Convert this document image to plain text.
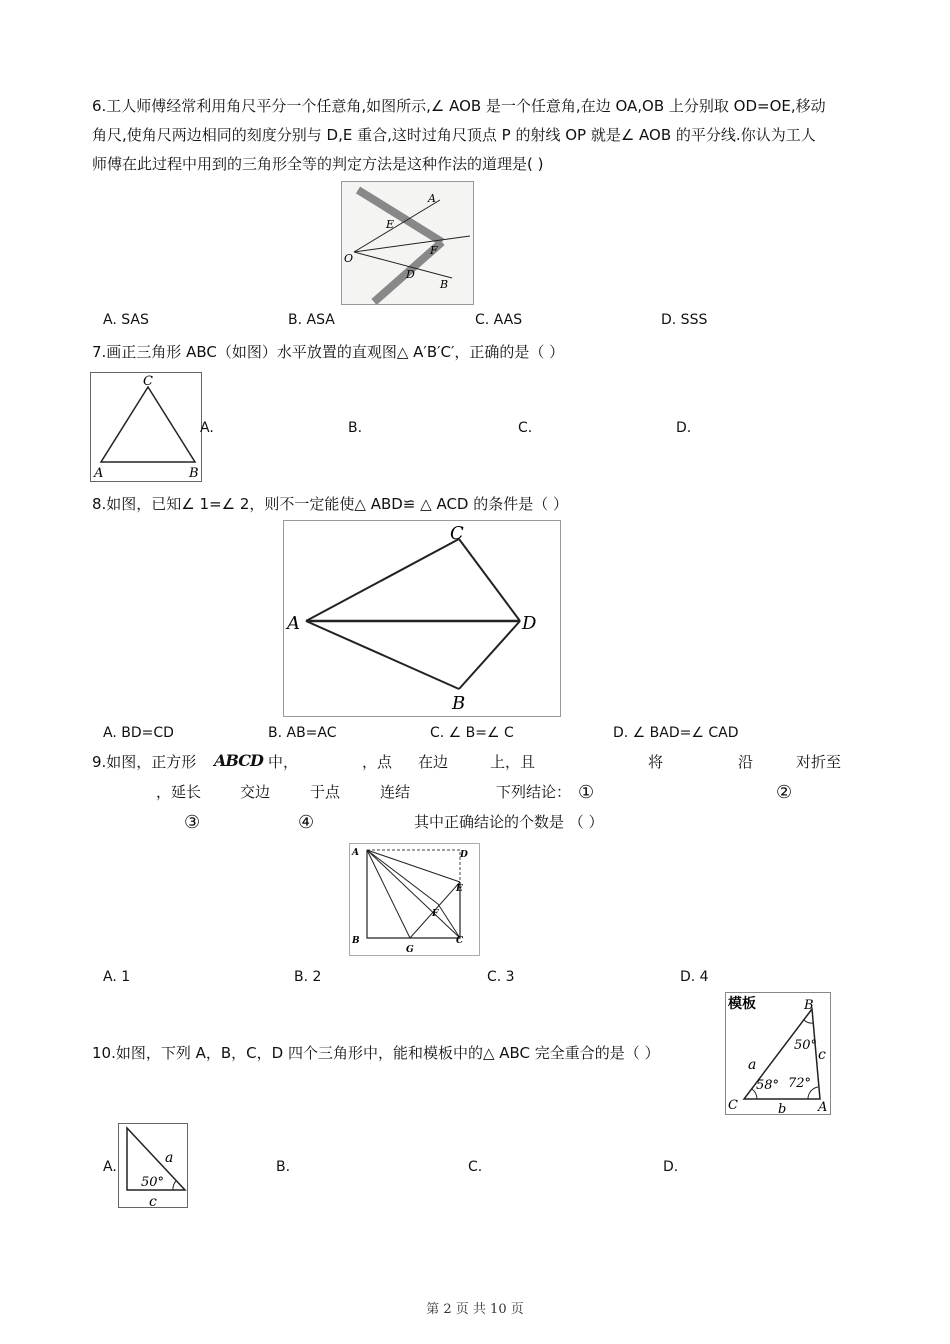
6.工人师傅经常利用角尺平分一个任意角,如图所示,∠ AOB 是一个任意角,在边 OA,OB 上分别取 OD=OE,移动
角尺,使角尺两边相同的刻度分别与 D,E 重合,这时过角尺顶点 P 的射线 OP 就是∠ AOB 的平分线.你认为工人
师傅在此过程中用到的三角形全等的判定方法是这种作法的道理是( )
A
E
F
O
D
B
A. SAS	B. ASA	C. AAS	D. SSS
7.画正三角形 ABC（如图）水平放置的直观图△ A′B′C′，正确的是（ ）
C
A	B
A.	B.	C.	D.
8.如图，已知∠ 1=∠ 2，则不一定能使△ ABD≌ △ ACD 的条件是（ ）
C
A	D
B
A. BD=CD	B. AB=AC	C. ∠ B=∠ C	D. ∠ BAD=∠ CAD
9.如图，正方形 ABCD 中，	，点 在边	上，且	将	沿	对折至
，延长	交边	于点	连结	下列结论： ①	②
③	④	其中正确结论的个数是 （ ）
A	D
E
F
B
G
C
A. 1	B. 2	C. 3	D. 4
10.如图，下列 A，B，C，D 四个三角形中，能和模板中的△ ABC 完全重合的是（ ）
模板	B
50°
a
c
58° 72°
C	b A
A.
a
50°
c
B.	C.	D.
第 2 页 共 10 页
